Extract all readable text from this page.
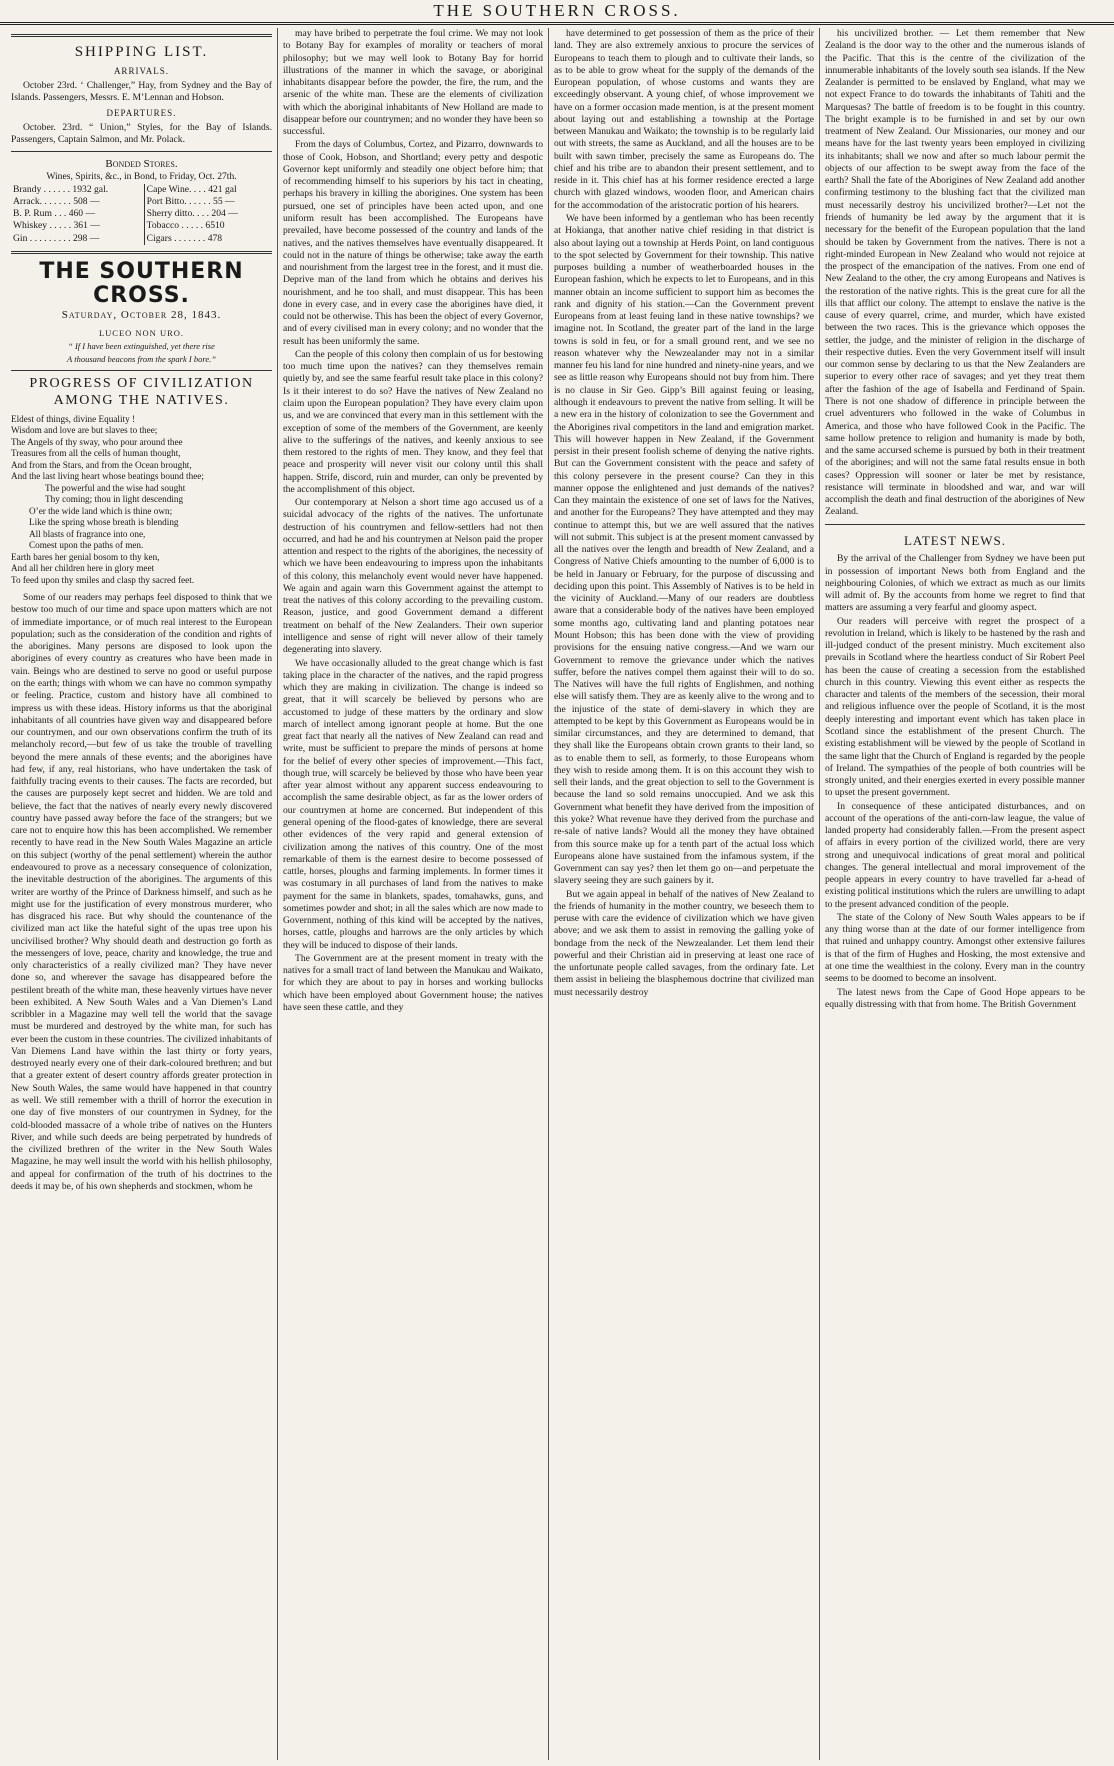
THE SOUTHERN CROSS.
SHIPPING LIST.
ARRIVALS.

October 23rd. ‘ Challenger,” Hay, from Sydney and the Bay of Islands. Passengers, Messrs. E. M’Lennan and Hobson.

DEPARTURES.

October. 23rd. “ Union,” Styles, for the Bay of Islands. Passengers, Captain Salmon, and Mr. Polack.

Bonded Stores.
Wines, Spirits, &c., in Bond, to Friday, Oct. 27th.
Brandy . . . . . . 1932 gal.	Cape Wine. . . . 421 gal
Arrack. . . . . . . 508 —	Port Bitto. . . . . . 55 —
B. P. Rum . . . 460 —	Sherry ditto. . . . 204 —
Whiskey . . . . . 361 —	Tobacco . . . . . 6510
Gin . . . . . . . . . 298 —	Cigars . . . . . . . 478
THE SOUTHERN CROSS.
Saturday, October 28, 1843.
LUCEO NON URO.
“ If I have been extinguished, yet there rise
A thousand beacons from the spark I bore.”
PROGRESS OF CIVILIZATION AMONG THE NATIVES.
Eldest of things, divine Equality !
Wisdom and love are but slaves to thee;
The Angels of thy sway, who pour around thee
Treasures from all the cells of human thought,
And from the Stars, and from the Ocean brought,
And the last living heart whose beatings bound thee;
The powerful and the wise had sought
Thy coming; thou in light descending
O’er the wide land which is thine own;
Like the spring whose breath is blending
All blasts of fragrance into one,
Comest upon the paths of men.
Earth bares her genial bosom to thy ken,
And all her children here in glory meet
To feed upon thy smiles and clasp thy sacred feet.

Some of our readers may perhaps feel disposed to think that we bestow too much of our time and space upon matters which are not of immediate importance, or of much real interest to the European population; such as the consideration of the condition and rights of the aborigines. Many persons are disposed to look upon the aborigines of every country as creatures who have been made in vain. Beings who are destined to serve no good or useful purpose on the earth; things with whom we can have no common sympathy or feeling. Practice, custom and history have all combined to impress us with these ideas. History informs us that the aboriginal inhabitants of all countries have given way and disappeared before our countrymen, and our own observations confirm the truth of its melancholy record,—but few of us take the trouble of travelling beyond the mere annals of these events; and the aborigines have had few, if any, real historians, who have undertaken the task of faithfully tracing events to their causes. The facts are recorded, but the causes are purposely kept secret and hidden. We are told and believe, the fact that the natives of nearly every newly discovered country have passed away before the face of the strangers; but we care not to enquire how this has been accomplished. We remember recently to have read in the New South Wales Magazine an article on this subject (worthy of the penal settlement) wherein the author endeavoured to prove as a necessary consequence of colonization, the inevitable destruction of the aborigines. The arguments of this writer are worthy of the Prince of Darkness himself, and such as he might use for the justification of every monstrous murderer, who has disgraced his race. But why should the countenance of the civilized man act like the hateful sight of the upas tree upon his uncivilised brother? Why should death and destruction go forth as the messengers of love, peace, charity and knowledge, the true and only characteristics of a really civilized man? They have never done so, and wherever the savage has disappeared before the pestilent breath of the white man, these heavenly virtues have never been exhibited. A New South Wales and a Van Diemen’s Land scribbler in a Magazine may well tell the world that the savage must be murdered and destroyed by the white man, for such has ever been the custom in these countries. The civilized inhabitants of Van Diemens Land have within the last thirty or forty years, destroyed nearly every one of their dark-coloured brethren; and but that a greater extent of desert country affords greater protection in New South Wales, the same would have happened in that country as well. We still remember with a thrill of horror the execution in one day of five monsters of our countrymen in Sydney, for the cold-blooded massacre of a whole tribe of natives on the Hunters River, and while such deeds are being perpetrated by hundreds of the civilized brethren of the writer in the New South Wales Magazine, he may well insult the world with his hellish philosophy, and appeal for confirmation of the truth of his doctrines to the deeds it may be, of his own shepherds and stockmen, whom he

may have bribed to perpetrate the foul crime. We may not look to Botany Bay for examples of morality or teachers of moral philosophy; but we may well look to Botany Bay for horrid illustrations of the manner in which the savage, or aboriginal inhabitants disappear before the powder, the fire, the rum, and the arsenic of the white man. These are the elements of civilization with which the aboriginal inhabitants of New Holland are made to disappear before our countrymen; and no wonder they have been so successful.

From the days of Columbus, Cortez, and Pizarro, downwards to those of Cook, Hobson, and Shortland; every petty and despotic Governor kept uniformly and steadily one object before him; that of recommending himself to his superiors by his tact in cheating, perhaps his bravery in killing the aborigines. One system has been pursued, one set of principles have been acted upon, and one uniform result has been accomplished. The Europeans have prevailed, have become possessed of the country and lands of the natives, and the natives themselves have eventually disappeared. It could not in the nature of things be otherwise; take away the earth and nourishment from the largest tree in the forest, and it must die. Deprive man of the land from which he obtains and derives his nourishment, and he too shall, and must disappear. This has been done in every case, and in every case the aborigines have died, it could not be otherwise. This has been the object of every Governor, and of every civilised man in every colony; and no wonder that the result has been uniformly the same.

Can the people of this colony then complain of us for bestowing too much time upon the natives? can they themselves remain quietly by, and see the same fearful result take place in this colony? Is it their interest to do so? Have the natives of New Zealand no claim upon the European population? They have every claim upon us, and we are convinced that every man in this settlement with the exception of some of the members of the Government, are keenly alive to the sufferings of the natives, and keenly anxious to see them restored to the rights of men. They know, and they feel that peace and prosperity will never visit our colony until this shall happen. Strife, discord, ruin and murder, can only be prevented by the accomplishment of this object.

Our contemporary at Nelson a short time ago accused us of a suicidal advocacy of the rights of the natives. The unfortunate destruction of his countrymen and fellow-settlers had not then occurred, and had he and his countrymen at Nelson paid the proper attention and respect to the rights of the aborigines, the necessity of which we have been endeavouring to impress upon the inhabitants of this colony, this melancholy event would never have happened. We again and again warn this Government against the attempt to treat the natives of this colony according to the prevailing custom. Reason, justice, and good Government demand a different treatment on behalf of the New Zealanders. Their own superior intelligence and sense of right will never allow of their tamely degenerating into slavery.

We have occasionally alluded to the great change which is fast taking place in the character of the natives, and the rapid progress which they are making in civilization. The change is indeed so great, that it will scarcely be believed by persons who are accustomed to judge of these matters by the ordinary and slow march of intellect among ignorant people at home. But the one great fact that nearly all the natives of New Zealand can read and write, must be sufficient to prepare the minds of persons at home for the belief of every other species of improvement.—This fact, though true, will scarcely be believed by those who have been year after year almost without any apparent success endeavouring to accomplish the same desirable object, as far as the lower orders of our countrymen at home are concerned. But independent of this general opening of the flood-gates of knowledge, there are several other evidences of the very rapid and general extension of civilization among the natives of this country. One of the most remarkable of them is the earnest desire to become possessed of cattle, horses, ploughs and farming implements. In former times it was costumary in all purchases of land from the natives to make payment for the same in blankets, spades, tomahawks, guns, and sometimes powder and shot; in all the sales which are now made to Government, nothing of this kind will be accepted by the natives, horses, cattle, ploughs and harrows are the only articles by which they will be induced to dispose of their lands.

The Government are at the present moment in treaty with the natives for a small tract of land between the Manukau and Waikato, for which they are about to pay in horses and working bullocks which have been employed about Government house; the natives have seen these cattle, and they

have determined to get possession of them as the price of their land. They are also extremely anxious to procure the services of Europeans to teach them to plough and to cultivate their lands, so as to be able to grow wheat for the supply of the demands of the European population, of whose customs and wants they are exceedingly observant. A young chief, of whose improvement we have on a former occasion made mention, is at the present moment about laying out and establishing a township at the Portage between Manukau and Waikato; the township is to be regularly laid out with streets, the same as Auckland, and all the houses are to be built with sawn timber, precisely the same as Europeans do. The chief and his tribe are to abandon their present settlement, and to reside in it. This chief has at his former residence erected a large church with glazed windows, wooden floor, and American chairs for the accommodation of the aristocratic portion of his hearers.

We have been informed by a gentleman who has been recently at Hokianga, that another native chief residing in that district is also about laying out a township at Herds Point, on land contiguous to the spot selected by Government for their township. This native purposes building a number of weatherboarded houses in the European fashion, which he expects to let to Europeans, and in this manner obtain an income sufficient to support him as becomes the rank and dignity of his station.—Can the Government prevent Europeans from at least feuing land in these native townships? we imagine not. In Scotland, the greater part of the land in the large towns is sold in feu, or for a small ground rent, and we see no reason whatever why the Newzealander may not in a similar manner feu his land for nine hundred and ninety-nine years, and we see as little reason why Europeans should not buy from him. There is no clause in Sir Geo. Gipp’s Bill against feuing or leasing, although it endeavours to prevent the native from selling. It will be a new era in the history of colonization to see the Government and the Aborigines rival competitors in the land and emigration market. This will however happen in New Zealand, if the Government persist in their present foolish scheme of denying the native rights. But can the Government consistent with the peace and safety of this colony persevere in the present course? Can they in this manner oppose the enlightened and just demands of the natives? Can they maintain the existence of one set of laws for the Natives, and another for the Europeans? They have attempted and they may continue to attempt this, but we are well assured that the natives will not submit. This subject is at the present moment canvassed by all the natives over the length and breadth of New Zealand, and a Congress of Native Chiefs amounting to the number of 6,000 is to be held in January or February, for the purpose of discussing and deciding upon this point. This Assembly of Natives is to be held in the vicinity of Auckland.—Many of our readers are doubtless aware that a considerable body of the natives have been employed some months ago, cultivating land and planting potatoes near Mount Hobson; this has been done with the view of providing provisions for the ensuing native congress.—And we warn our Government to remove the grievance under which the natives suffer, before the natives compel them against their will to do so. The Natives will have the full rights of Englishmen, and nothing else will satisfy them. They are as keenly alive to the wrong and to the injustice of the state of demi-slavery in which they are attempted to be kept by this Government as Europeans would be in similar circumstances, and they are determined to demand, that they shall like the Europeans obtain crown grants to their land, so as to enable them to sell, as formerly, to those Europeans whom they wish to reside among them. It is on this account they wish to sell their lands, and the great objection to sell to the Government is because the land so sold remains unoccupied. And we ask this Government what benefit they have derived from the imposition of this yoke? What revenue have they derived from the purchase and re-sale of native lands? Would all the money they have obtained from this source make up for a tenth part of the actual loss which Europeans alone have sustained from the infamous system, if the Government can say yes? then let them go on—and perpetuate the slavery seeing they are such gainers by it.

But we again appeal in behalf of the natives of New Zealand to the friends of humanity in the mother country, we beseech them to peruse with care the evidence of civilization which we have given above; and we ask them to assist in removing the galling yoke of bondage from the neck of the Newzealander. Let them lend their powerful and their Christian aid in preserving at least one race of the unfortunate people called savages, from the ordinary fate. Let them assist in belieing the blasphemous doctrine that civilized man must necessarily destroy

his uncivilized brother. — Let them remember that New Zealand is the door way to the other and the numerous islands of the Pacific. That this is the centre of the civilization of the innumerable inhabitants of the lovely south sea islands. If the New Zealander is permitted to be enslaved by England, what may we not expect France to do towards the inhabitants of Tahiti and the Marquesas? The battle of freedom is to be fought in this country. The bright example is to be furnished in and set by our own treatment of New Zealand. Our Missionaries, our money and our means have for the last twenty years been employed in civilizing its inhabitants; shall we now and after so much labour permit the objects of our affection to be swept away from the face of the earth? Shall the fate of the Aborigines of New Zealand add another confirming testimony to the blushing fact that the civilized man must necessarily destroy his uncivilized brother?—Let not the friends of humanity be led away by the argument that it is necessary for the benefit of the European population that the land should be taken by Government from the natives. There is not a right-minded European in New Zealand who would not rejoice at the prospect of the emancipation of the natives. From one end of New Zealand to the other, the cry among Europeans and Natives is the restoration of the native rights. This is the great cure for all the ills that afflict our colony. The attempt to enslave the native is the cause of every quarrel, crime, and murder, which have existed between the two races. This is the grievance which opposes the settler, the judge, and the minister of religion in the discharge of their respective duties. Even the very Government itself will insult our common sense by declaring to us that the New Zealanders are superior to every other race of savages; and yet they treat them after the fashion of the age of Isabella and Ferdinand of Spain. There is not one shadow of difference in principle between the cruel adventurers who followed in the wake of Columbus in America, and those who have followed Cook in the Pacific. The same hollow pretence to religion and humanity is made by both, and the same accursed scheme is pursued by both in their treatment of the aborigines; and will not the same fatal results ensue in both cases? Oppression will sooner or later be met by resistance, resistance will terminate in bloodshed and war, and war will accomplish the death and final destruction of the aborigines of New Zealand.

LATEST NEWS.

By the arrival of the Challenger from Sydney we have been put in possession of important News both from England and the neighbouring Colonies, of which we extract as much as our limits will admit of. By the accounts from home we regret to find that matters are assuming a very fearful and gloomy aspect.

Our readers will perceive with regret the prospect of a revolution in Ireland, which is likely to be hastened by the rash and ill-judged conduct of the present ministry. Much excitement also prevails in Scotland where the heartless conduct of Sir Robert Peel has been the cause of creating a secession from the established church in this country. Viewing this event either as respects the character and talents of the members of the secession, their moral and religious influence over the people of Scotland, it is the most deeply interesting and important event which has taken place in Scotland since the establishment of the present Church. The existing establishment will be viewed by the people of Scotland in the same light that the Church of England is regarded by the people of Ireland. The sympathies of the people of both countries will be strongly united, and their energies exerted in every possible manner to upset the present government.

In consequence of these anticipated disturbances, and on account of the operations of the anti-corn-law league, the value of landed property had considerably fallen.—From the present aspect of affairs in every portion of the civilized world, there are very strong and unequivocal indications of great moral and political changes. The general intellectual and moral improvement of the people appears in every country to have travelled far a-head of existing political institutions which the rulers are unwilling to adapt to the present advanced condition of the people.

The state of the Colony of New South Wales appears to be if any thing worse than at the date of our former intelligence from that ruined and unhappy country. Amongst other extensive failures is that of the firm of Hughes and Hosking, the most extensive and at one time the wealthiest in the colony. Every man in the country seems to be doomed to become an insolvent.

The latest news from the Cape of Good Hope appears to be equally distressing with that from home. The British Government
